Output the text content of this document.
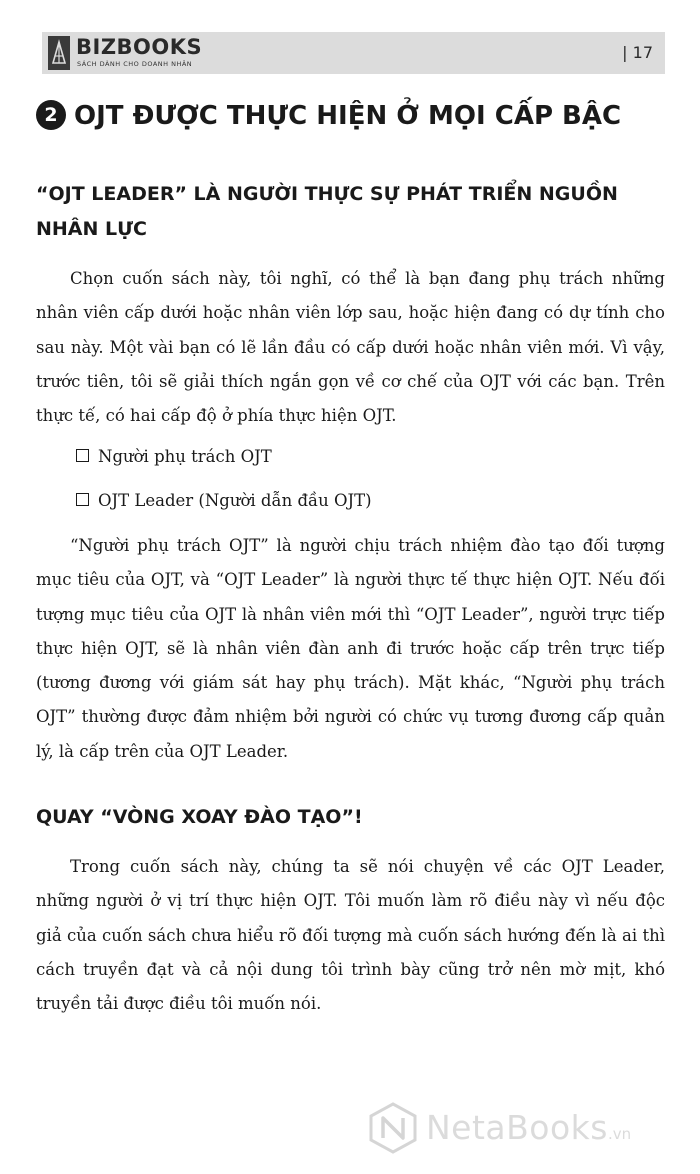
BIZBOOKS
SÁCH DÀNH CHO DOANH NHÂN
| 17
2 OJT ĐƯỢC THỰC HIỆN Ở MỌI CẤP BẬC
“OJT LEADER” LÀ NGƯỜI THỰC SỰ PHÁT TRIỂN NGUỒN NHÂN LỰC

Chọn cuốn sách này, tôi nghĩ, có thể là bạn đang phụ trách những nhân viên cấp dưới hoặc nhân viên lớp sau, hoặc hiện đang có dự tính cho sau này. Một vài bạn có lẽ lần đầu có cấp dưới hoặc nhân viên mới. Vì vậy, trước tiên, tôi sẽ giải thích ngắn gọn về cơ chế của OJT với các bạn. Trên thực tế, có hai cấp độ ở phía thực hiện OJT.

Người phụ trách OJT
OJT Leader (Người dẫn đầu OJT)

“Người phụ trách OJT” là người chịu trách nhiệm đào tạo đối tượng mục tiêu của OJT, và “OJT Leader” là người thực tế thực hiện OJT. Nếu đối tượng mục tiêu của OJT là nhân viên mới thì “OJT Leader”, người trực tiếp thực hiện OJT, sẽ là nhân viên đàn anh đi trước hoặc cấp trên trực tiếp (tương đương với giám sát hay phụ trách). Mặt khác, “Người phụ trách OJT” thường được đảm nhiệm bởi người có chức vụ tương đương cấp quản lý, là cấp trên của OJT Leader.

QUAY “VÒNG XOAY ĐÀO TẠO”!

Trong cuốn sách này, chúng ta sẽ nói chuyện về các OJT Leader, những người ở vị trí thực hiện OJT. Tôi muốn làm rõ điều này vì nếu độc giả của cuốn sách chưa hiểu rõ đối tượng mà cuốn sách hướng đến là ai thì cách truyền đạt và cả nội dung tôi trình bày cũng trở nên mờ mịt, khó truyền tải được điều tôi muốn nói.

NetaBooks.vn
